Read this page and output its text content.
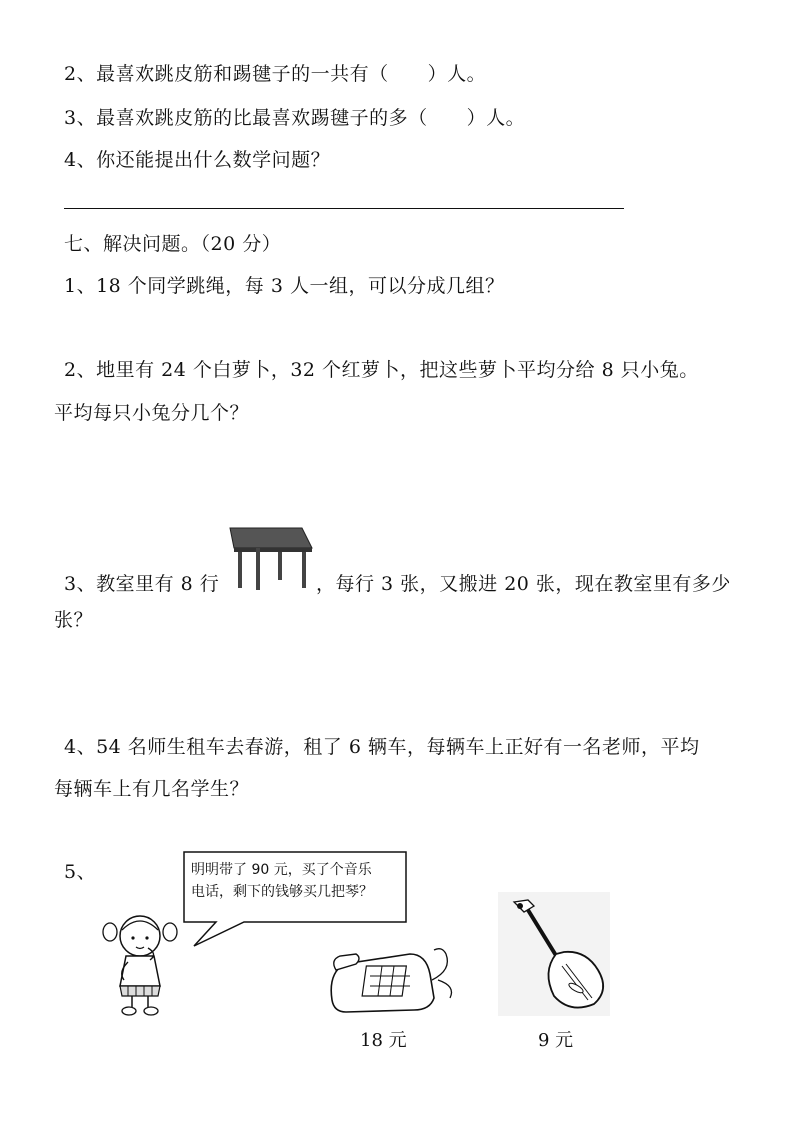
2、最喜欢跳皮筋和踢毽子的一共有（　　）人。
3、最喜欢跳皮筋的比最喜欢踢毽子的多（　　）人。
4、你还能提出什么数学问题？
七、解决问题。（20 分）
1、18 个同学跳绳，每 3 人一组，可以分成几组？
2、地里有 24 个白萝卜，32 个红萝卜，把这些萝卜平均分给 8 只小兔。
平均每只小兔分几个？
3、教室里有 8 行	，每行 3 张，又搬进 20 张，现在教室里有多少
张？
4、54 名师生租车去春游，租了 6 辆车，每辆车上正好有一名老师，平均
每辆车上有几名学生？
5、	明明带了 90 元，买了个音乐
电话，剩下的钱够买几把琴？
18 元	9 元
